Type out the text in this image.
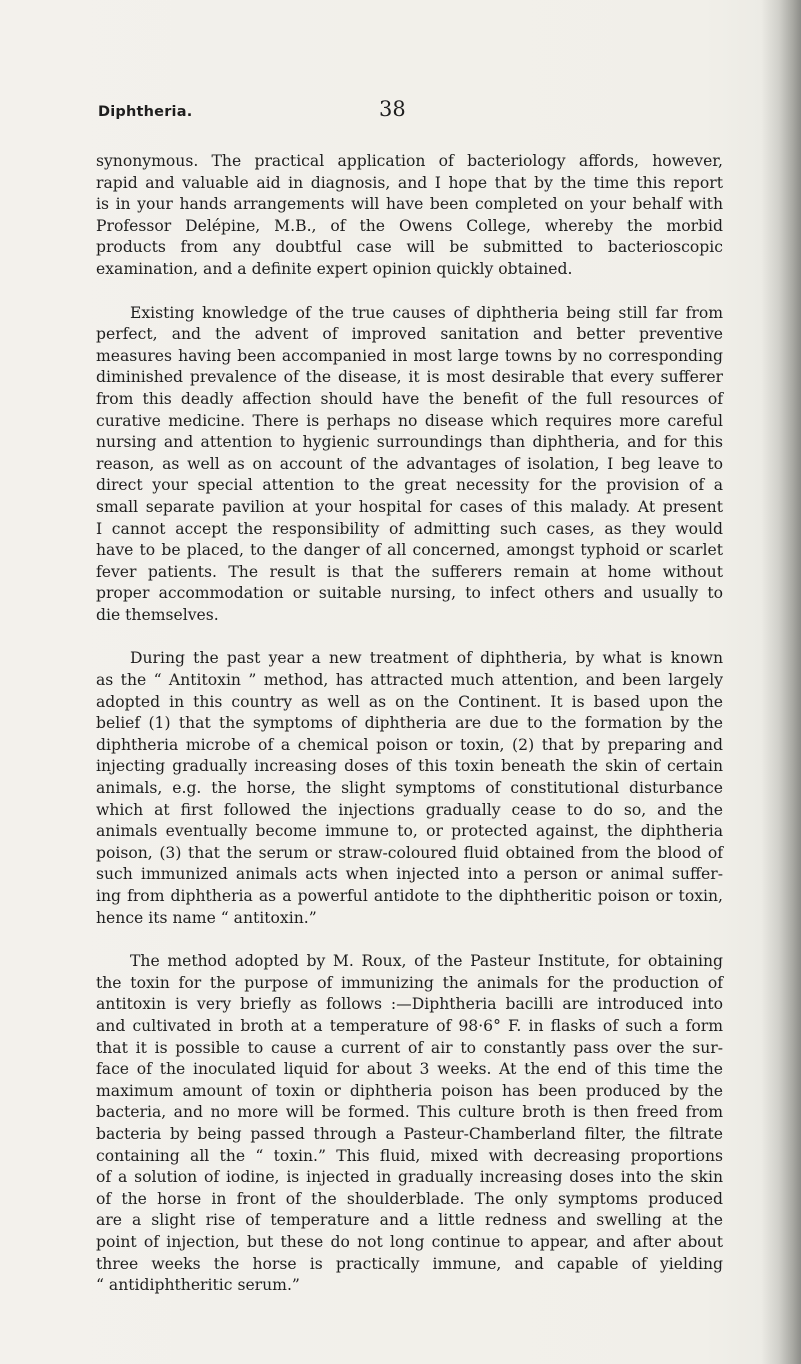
Diphtheria.	38

synonymous. The practical application of bacteriology affords, however,
rapid and valuable aid in diagnosis, and I hope that by the time this report
is in your hands arrangements will have been completed on your behalf with
Professor Delépine, M.B., of the Owens College, whereby the morbid
products from any doubtful case will be submitted to bacterioscopic
examination, and a definite expert opinion quickly obtained.

Existing knowledge of the true causes of diphtheria being still far from
perfect, and the advent of improved sanitation and better preventive
measures having been accompanied in most large towns by no corresponding
diminished prevalence of the disease, it is most desirable that every sufferer
from this deadly affection should have the benefit of the full resources of
curative medicine. There is perhaps no disease which requires more careful
nursing and attention to hygienic surroundings than diphtheria, and for this
reason, as well as on account of the advantages of isolation, I beg leave to
direct your special attention to the great necessity for the provision of a
small separate pavilion at your hospital for cases of this malady. At present
I cannot accept the responsibility of admitting such cases, as they would
have to be placed, to the danger of all concerned, amongst typhoid or scarlet
fever patients. The result is that the sufferers remain at home without
proper accommodation or suitable nursing, to infect others and usually to
die themselves.

During the past year a new treatment of diphtheria, by what is known
as the “ Antitoxin ” method, has attracted much attention, and been largely
adopted in this country as well as on the Continent. It is based upon the
belief (1) that the symptoms of diphtheria are due to the formation by the
diphtheria microbe of a chemical poison or toxin, (2) that by preparing and
injecting gradually increasing doses of this toxin beneath the skin of certain
animals, e.g. the horse, the slight symptoms of constitutional disturbance
which at first followed the injections gradually cease to do so, and the
animals eventually become immune to, or protected against, the diphtheria
poison, (3) that the serum or straw-coloured fluid obtained from the blood of
such immunized animals acts when injected into a person or animal suffer-
ing from diphtheria as a powerful antidote to the diphtheritic poison or toxin,
hence its name “ antitoxin.”

The method adopted by M. Roux, of the Pasteur Institute, for obtaining
the toxin for the purpose of immunizing the animals for the production of
antitoxin is very briefly as follows :—Diphtheria bacilli are introduced into
and cultivated in broth at a temperature of 98·6° F. in flasks of such a form
that it is possible to cause a current of air to constantly pass over the sur-
face of the inoculated liquid for about 3 weeks. At the end of this time the
maximum amount of toxin or diphtheria poison has been produced by the
bacteria, and no more will be formed. This culture broth is then freed from
bacteria by being passed through a Pasteur-Chamberland filter, the filtrate
containing all the “ toxin.” This fluid, mixed with decreasing proportions
of a solution of iodine, is injected in gradually increasing doses into the skin
of the horse in front of the shoulderblade. The only symptoms produced
are a slight rise of temperature and a little redness and swelling at the
point of injection, but these do not long continue to appear, and after about
three weeks the horse is practically immune, and capable of yielding
“ antidiphtheritic serum.”
